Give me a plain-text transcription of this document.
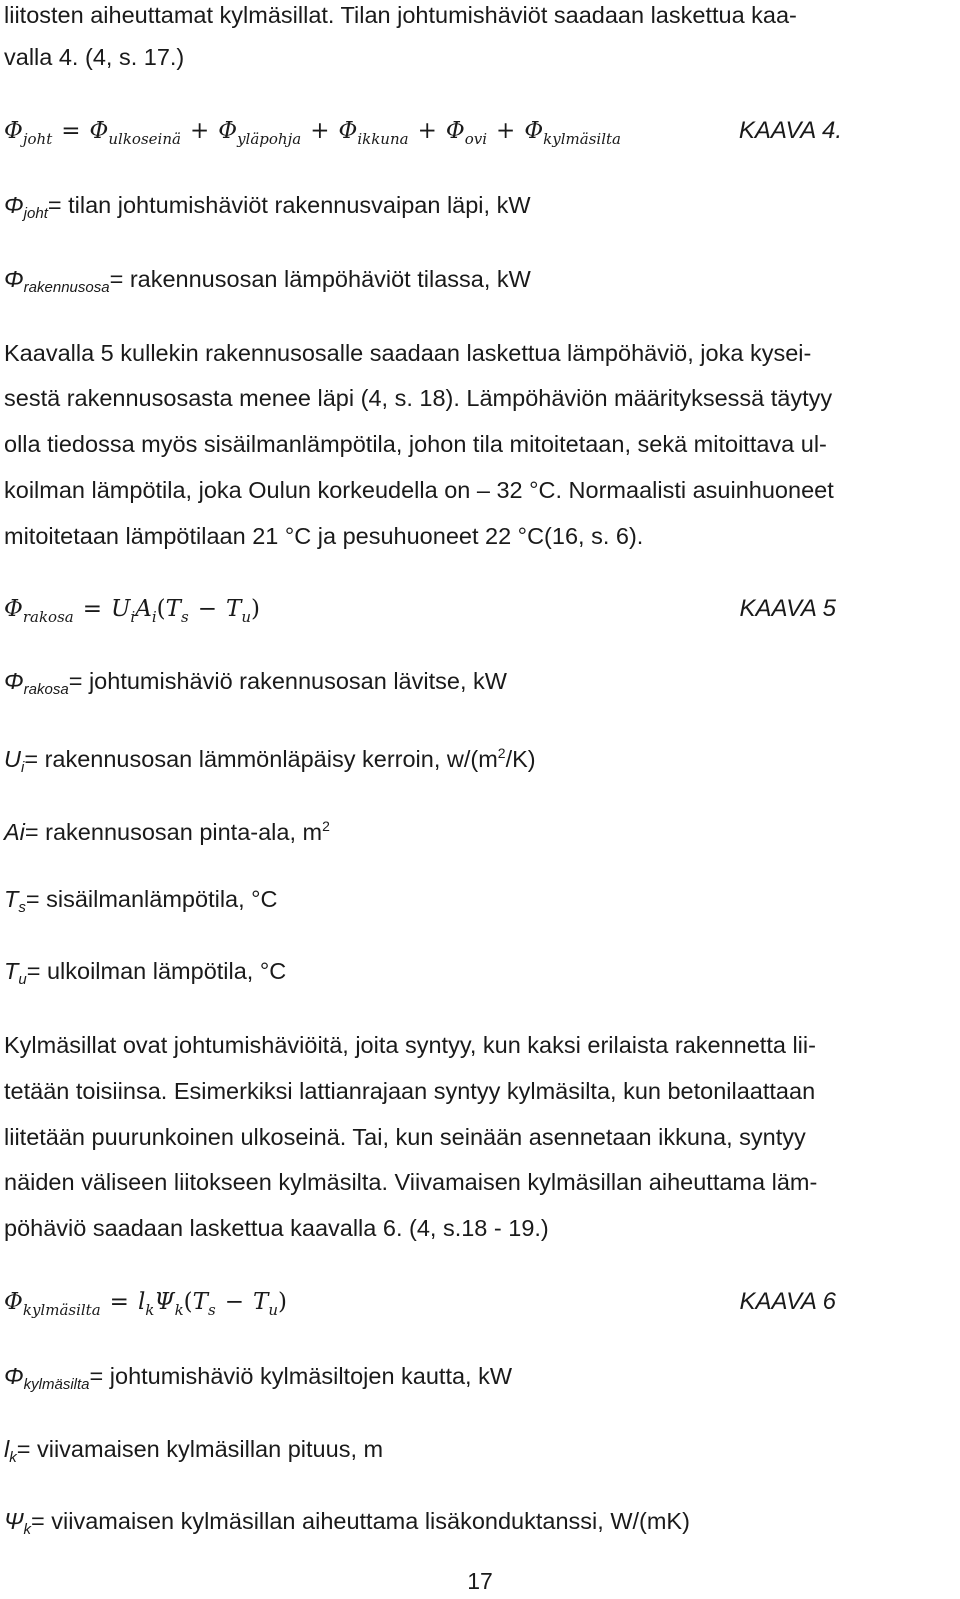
liitosten aiheuttamat kylmäsillat. Tilan johtumishäviöt saadaan laskettua kaa-
valla 4. (4, s. 17.)
$\Phi_{joht} = \Phi_{ulkoseinä} + \Phi_{yläpohja} + \Phi_{ikkuna} + \Phi_{ovi} + \Phi_{kylmäsilta}$	KAAVA 4.
$\Phi_{joht}=$ tilan johtumishäviöt rakennusvaipan läpi, kW
$\Phi_{rakennusosa}=$ rakennusosan lämpöhäviöt tilassa, kW
Kaavalla 5 kullekin rakennusosalle saadaan laskettua lämpöhäviö, joka kysei-
sestä rakennusosasta menee läpi (4, s. 18). Lämpöhäviön määrityksessä täytyy
olla tiedossa myös sisäilmanlämpötila, johon tila mitoitetaan, sekä mitoittava ul-
koilman lämpötila, joka Oulun korkeudella on ‒ 32 °C. Normaalisti asuinhuoneet
mitoitetaan lämpötilaan 21 °C ja pesuhuoneet 22 °C(16, s. 6).
$\Phi_{rakosa} = U_iA_i(T_s - T_u)$	KAAVA 5
$\Phi_{rakosa}=$ johtumishäviö rakennusosan lävitse, kW
$U_i=$ rakennusosan lämmönläpäisy kerroin, $w/(m^2/K)$
Ai= rakennusosan pinta-ala, $m^2$
$T_s=$ sisäilmanlämpötila, °C
$T_u=$ ulkoilman lämpötila, °C
Kylmäsillat ovat johtumishäviöitä, joita syntyy, kun kaksi erilaista rakennetta lii-
tetään toisiinsa. Esimerkiksi lattianrajaan syntyy kylmäsilta, kun betonilaattaan
liitetään puurunkoinen ulkoseinä. Tai, kun seinään asennetaan ikkuna, syntyy
näiden väliseen liitokseen kylmäsilta. Viivamaisen kylmäsillan aiheuttama läm-
pöhäviö saadaan laskettua kaavalla 6. (4, s.18 - 19.)
$\Phi_{kylmäsilta} = l_k\Psi_k(T_s - T_u)$	KAAVA 6
$\Phi_{kylmäsilta}=$ johtumishäviö kylmäsiltojen kautta, kW
$l_k=$ viivamaisen kylmäsillan pituus, m
$\Psi_k=$ viivamaisen kylmäsillan aiheuttama lisäkonduktanssi, W/(mK)
17
